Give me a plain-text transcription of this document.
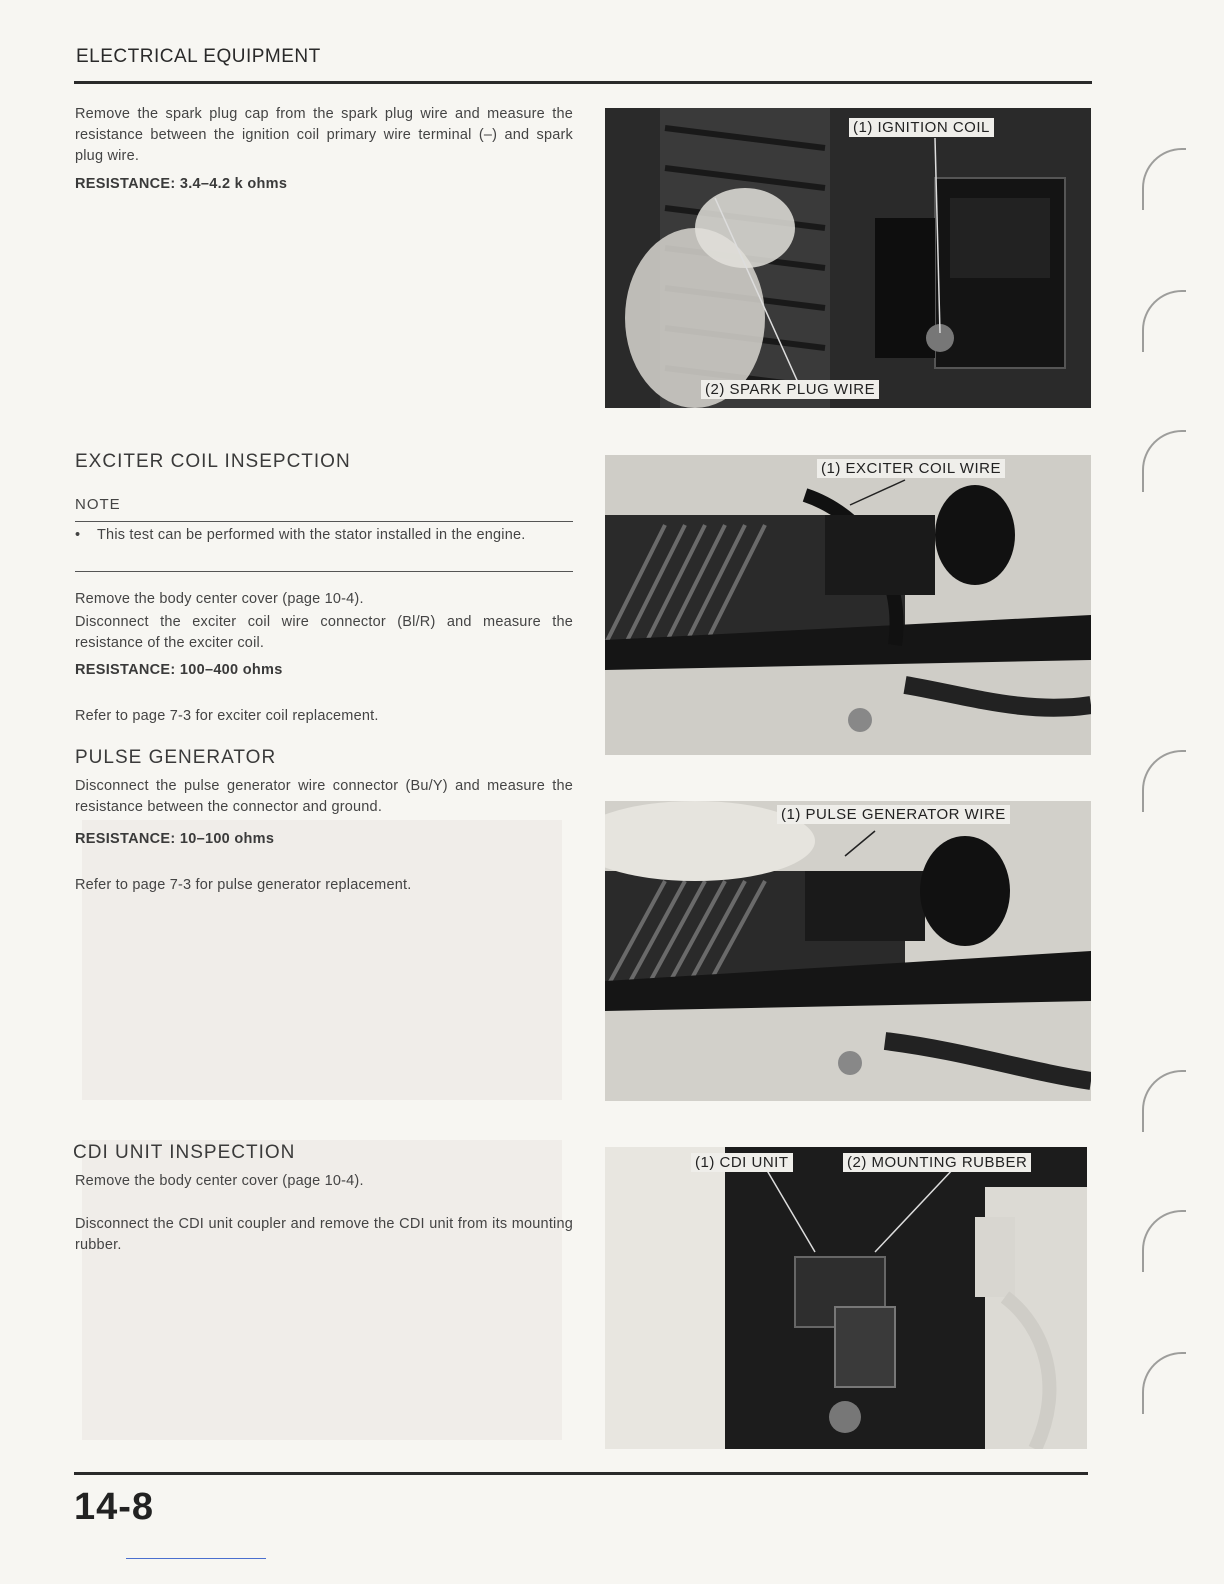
ELECTRICAL EQUIPMENT
Remove the spark plug cap from the spark plug wire and measure the resistance between the ignition coil primary wire terminal (–) and spark plug wire.
RESISTANCE: 3.4–4.2 k ohms
(1) IGNITION COIL
(2) SPARK PLUG WIRE
EXCITER COIL INSEPCTION
NOTE
•	This test can be performed with the stator installed in the engine.
Remove the body center cover (page 10-4).
Disconnect the exciter coil wire connector (Bl/R) and measure the resistance of the exciter coil.
RESISTANCE: 100–400 ohms
Refer to page 7-3 for exciter coil replacement.
(1) EXCITER COIL WIRE
PULSE GENERATOR
Disconnect the pulse generator wire connector (Bu/Y) and measure the resistance between the connector and ground.
RESISTANCE: 10–100 ohms
Refer to page 7-3 for pulse generator replacement.
(1) PULSE GENERATOR WIRE
CDI UNIT INSPECTION
Remove the body center cover (page 10-4).
Disconnect the CDI unit coupler and remove the CDI unit from its mounting rubber.
(1) CDI UNIT	(2) MOUNTING RUBBER
14-8
